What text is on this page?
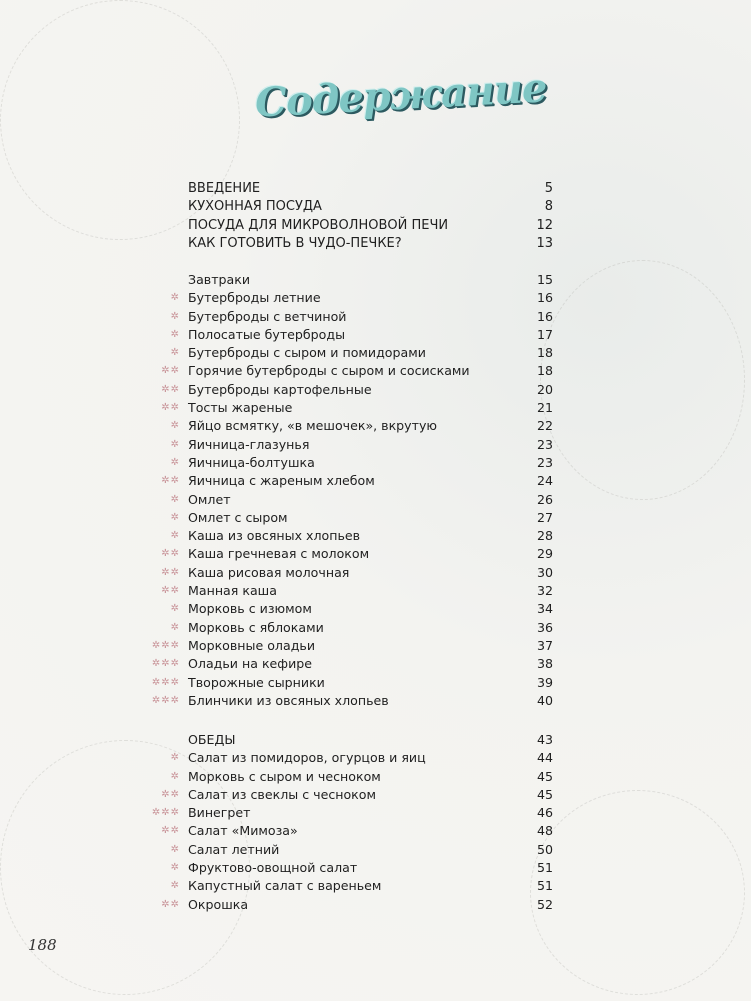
Содержание
ВВЕДЕНИЕ	5
КУХОННАЯ ПОСУДА	8
ПОСУДА ДЛЯ МИКРОВОЛНОВОЙ ПЕЧИ	12
КАК ГОТОВИТЬ В ЧУДО-ПЕЧКЕ?	13
Завтраки	15
✲ Бутерброды летние	16
✲ Бутерброды с ветчиной	16
✲ Полосатые бутерброды	17
✲ Бутерброды с сыром и помидорами	18
✲✲ Горячие бутерброды с сыром и сосисками	18
✲✲ Бутерброды картофельные	20
✲✲ Тосты жареные	21
✲ Яйцо всмятку, «в мешочек», вкрутую	22
✲ Яичница-глазунья	23
✲ Яичница-болтушка	23
✲✲ Яичница с жареным хлебом	24
✲ Омлет	26
✲ Омлет с сыром	27
✲ Каша из овсяных хлопьев	28
✲✲ Каша гречневая с молоком	29
✲✲ Каша рисовая молочная	30
✲✲ Манная каша	32
✲ Морковь с изюмом	34
✲ Морковь с яблоками	36
✲✲✲ Морковные оладьи	37
✲✲✲ Оладьи на кефире	38
✲✲✲ Творожные сырники	39
✲✲✲ Блинчики из овсяных хлопьев	40
ОБЕДЫ	43
✲ Салат из помидоров, огурцов и яиц	44
✲ Морковь с сыром и чесноком	45
✲✲ Салат из свеклы с чесноком	45
✲✲✲ Винегрет	46
✲✲ Салат «Мимоза»	48
✲ Салат летний	50
✲ Фруктово-овощной салат	51
✲ Капустный салат с вареньем	51
✲✲ Окрошка	52
188
